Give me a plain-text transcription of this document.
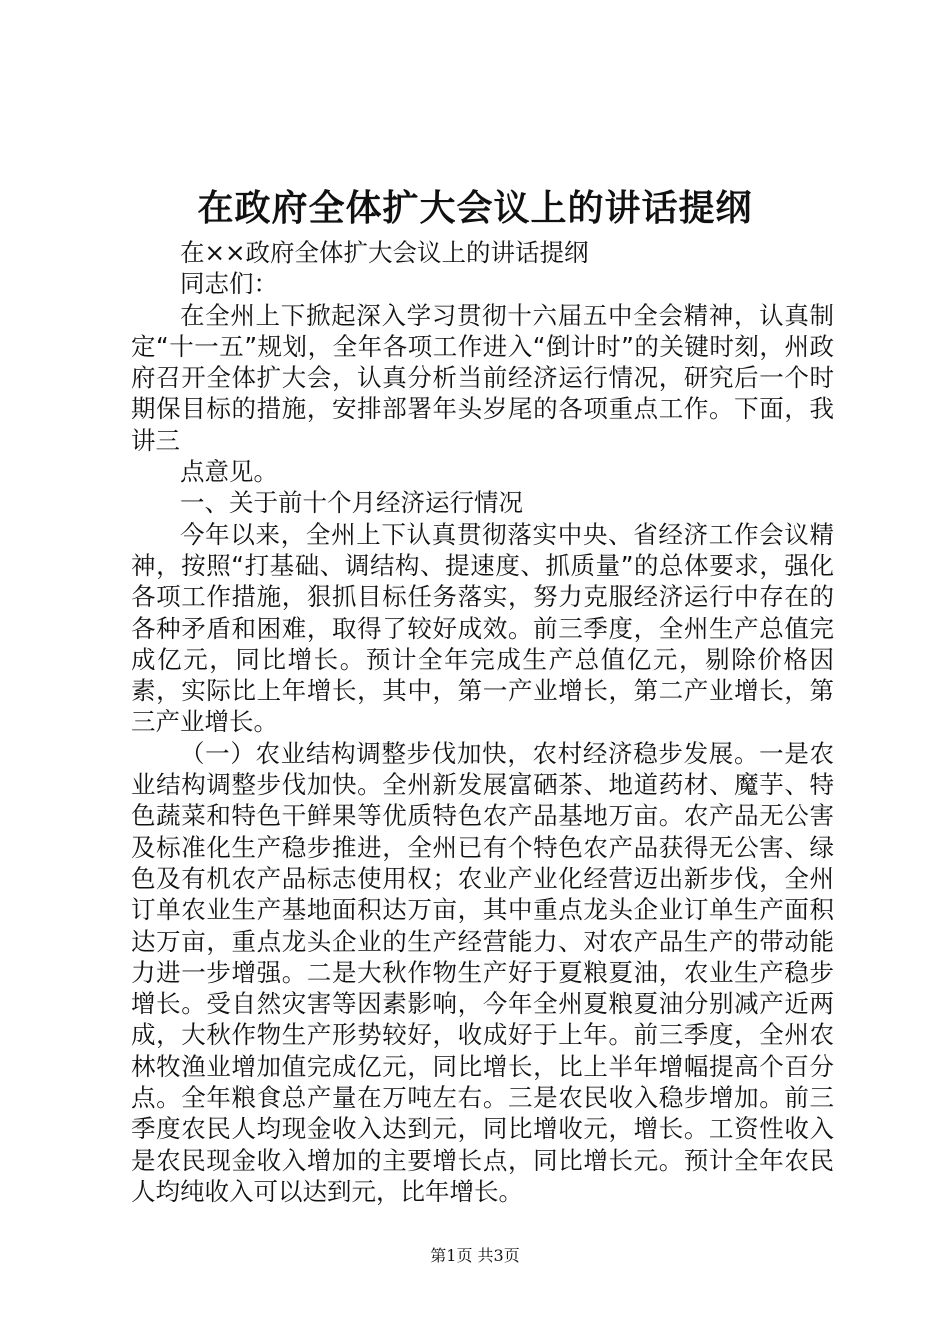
在政府全体扩大会议上的讲话提纲

在××政府全体扩大会议上的讲话提纲

同志们：

在全州上下掀起深入学习贯彻十六届五中全会精神，认真制定“十一五”规划，全年各项工作进入“倒计时”的关键时刻，州政府召开全体扩大会，认真分析当前经济运行情况，研究后一个时期保目标的措施，安排部署年头岁尾的各项重点工作。下面，我讲三

点意见。

一、关于前十个月经济运行情况

今年以来，全州上下认真贯彻落实中央、省经济工作会议精神，按照“打基础、调结构、提速度、抓质量”的总体要求，强化各项工作措施，狠抓目标任务落实，努力克服经济运行中存在的各种矛盾和困难，取得了较好成效。前三季度，全州生产总值完成亿元，同比增长。预计全年完成生产总值亿元，剔除价格因素，实际比上年增长，其中，第一产业增长，第二产业增长，第三产业增长。

（一）农业结构调整步伐加快，农村经济稳步发展。一是农业结构调整步伐加快。全州新发展富硒茶、地道药材、魔芋、特色蔬菜和特色干鲜果等优质特色农产品基地万亩。农产品无公害及标准化生产稳步推进，全州已有个特色农产品获得无公害、绿色及有机农产品标志使用权；农业产业化经营迈出新步伐，全州订单农业生产基地面积达万亩，其中重点龙头企业订单生产面积达万亩，重点龙头企业的生产经营能力、对农产品生产的带动能力进一步增强。二是大秋作物生产好于夏粮夏油，农业生产稳步增长。受自然灾害等因素影响，今年全州夏粮夏油分别减产近两成，大秋作物生产形势较好，收成好于上年。前三季度，全州农林牧渔业增加值完成亿元，同比增长，比上半年增幅提高个百分点。全年粮食总产量在万吨左右。三是农民收入稳步增加。前三季度农民人均现金收入达到元，同比增收元，增长。工资性收入是农民现金收入增加的主要增长点，同比增长元。预计全年农民人均纯收入可以达到元，比年增长。

第1页 共3页
